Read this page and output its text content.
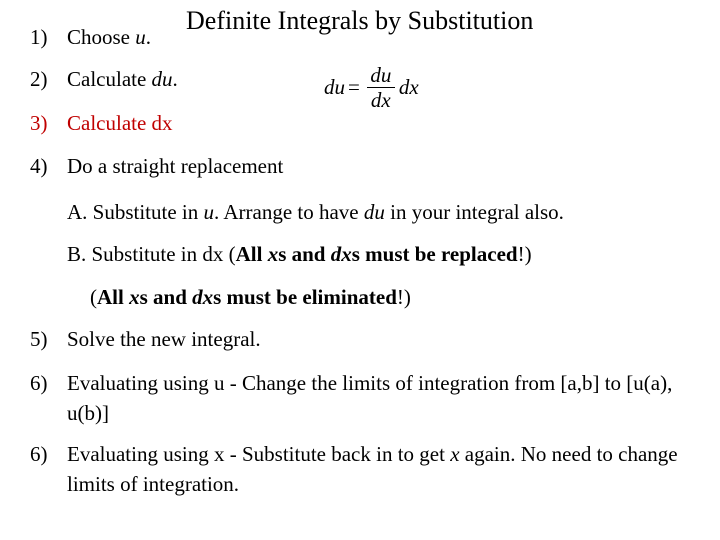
Definite Integrals by Substitution
1) Choose u.
2) Calculate du.	du = $\frac{du}{dx}$ dx
3) Calculate dx
4) Do a straight replacement
A. Substitute in u. Arrange to have du in your integral also.
B. Substitute in dx (All xs and dxs must be replaced!)
(All xs and dxs must be eliminated!)
5) Solve the new integral.
6) Evaluating using u - Change the limits of integration from [a,b] to [u(a), u(b)]
6) Evaluating using x - Substitute back in to get x again. No need to change limits of integration.
